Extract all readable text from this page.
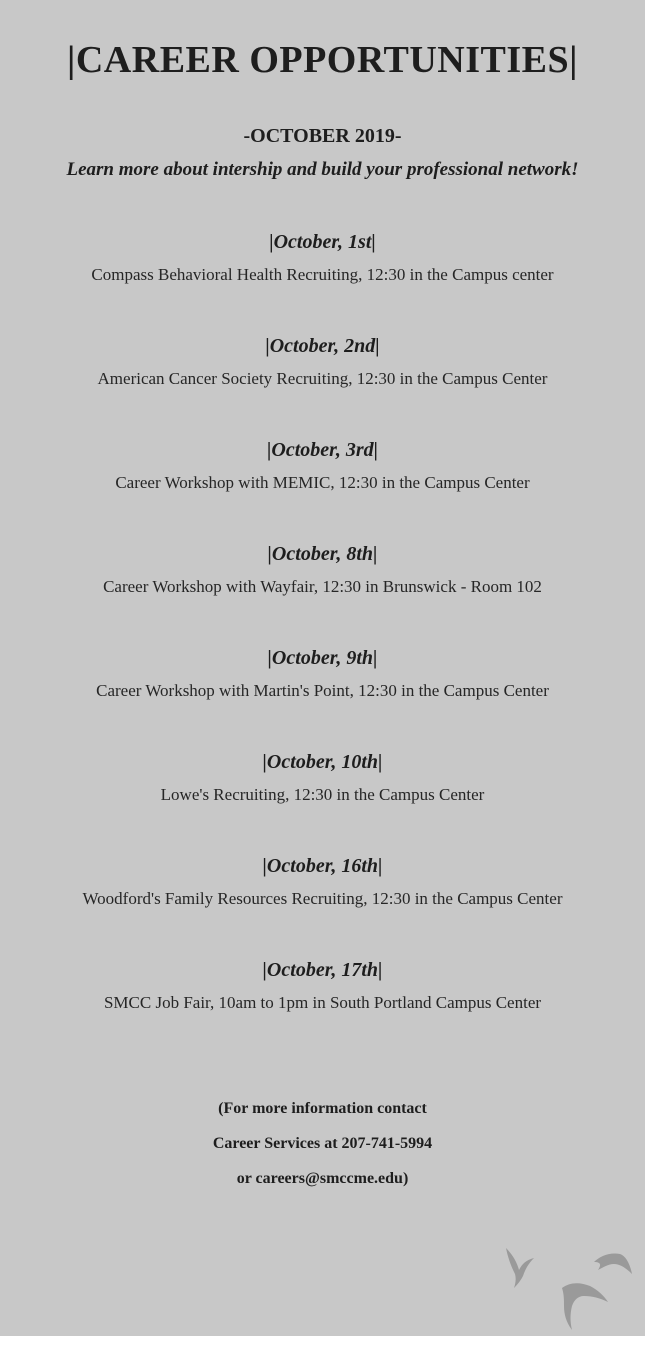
|CAREER OPPORTUNITIES|
-OCTOBER 2019-
Learn more about intership and build your professional network!
|October, 1st|
Compass Behavioral Health Recruiting, 12:30 in the Campus center
|October, 2nd|
American Cancer Society Recruiting, 12:30 in the Campus Center
|October, 3rd|
Career Workshop with MEMIC, 12:30 in the Campus Center
|October, 8th|
Career Workshop with Wayfair, 12:30 in Brunswick - Room 102
|October, 9th|
Career Workshop with Martin's Point, 12:30 in the Campus Center
|October, 10th|
Lowe's Recruiting, 12:30 in the Campus Center
|October, 16th|
Woodford's Family Resources Recruiting, 12:30 in the Campus Center
|October, 17th|
SMCC Job Fair, 10am to 1pm in South Portland Campus Center
(For more information contact
Career Services at 207-741-5994
or careers@smccme.edu)
